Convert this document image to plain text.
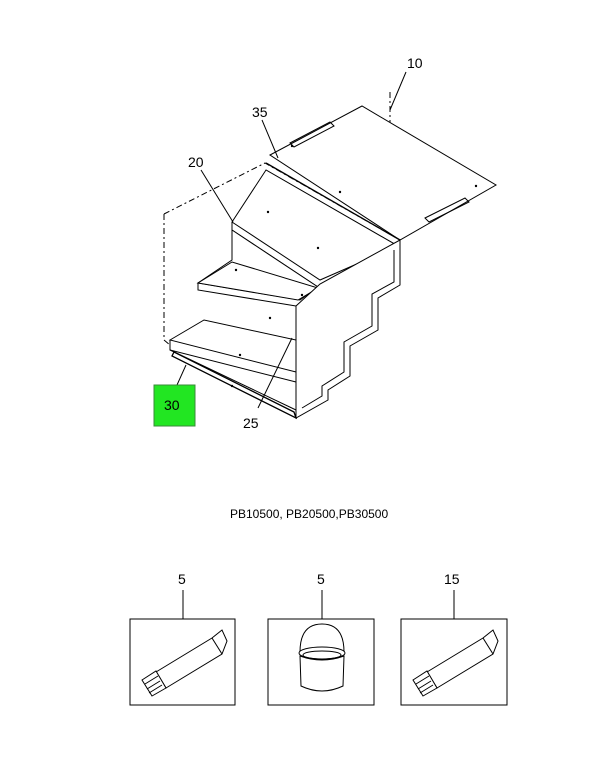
10
35
20
30
25
PB10500, PB20500,PB30500
5	5	15
